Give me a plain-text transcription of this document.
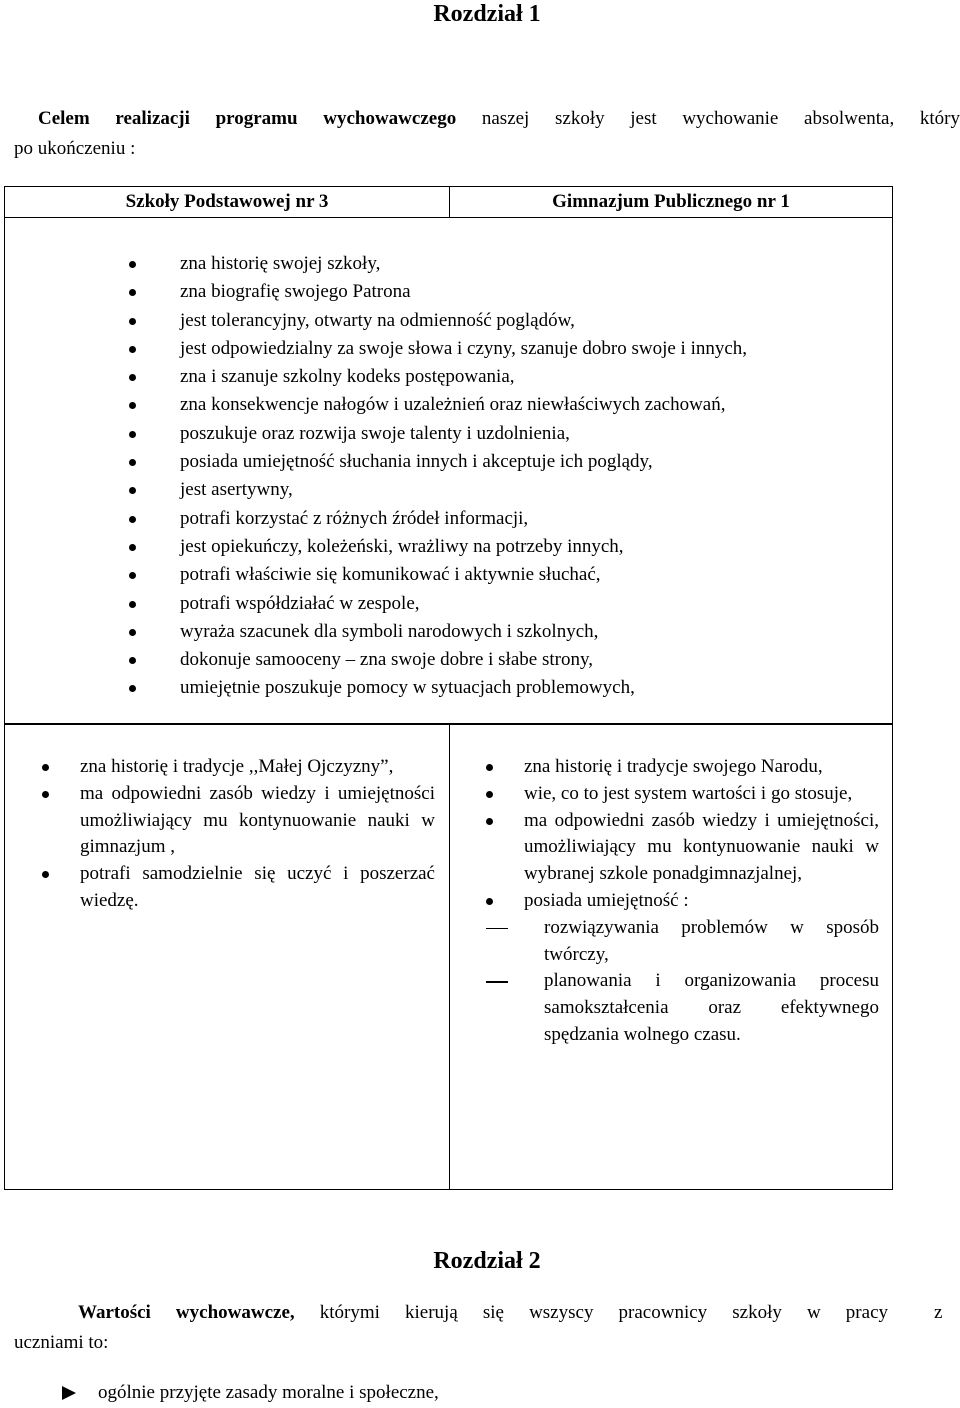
Rozdział 1

Celem realizacji programu wychowawczego naszej szkoły jest wychowanie absolwenta, który
po ukończeniu :

Szkoły Podstawowej nr 3	Gimnazjum Publicznego nr 1
zna historię swojej szkoły,
zna biografię swojego Patrona
jest tolerancyjny, otwarty na odmienność poglądów,
jest odpowiedzialny za swoje słowa i czyny, szanuje dobro swoje i innych,
zna i szanuje szkolny kodeks postępowania,
zna konsekwencje nałogów i uzależnień oraz niewłaściwych zachowań,
poszukuje oraz rozwija swoje talenty i uzdolnienia,
posiada umiejętność słuchania innych i akceptuje ich poglądy,
jest asertywny,
potrafi korzystać z różnych źródeł informacji,
jest opiekuńczy, koleżeński, wrażliwy na potrzeby innych,
potrafi właściwie się komunikować i aktywnie słuchać,
potrafi współdziałać w zespole,
wyraża szacunek dla symboli narodowych i szkolnych,
dokonuje samooceny – zna swoje dobre i słabe strony,
umiejętnie poszukuje pomocy w sytuacjach problemowych,
zna historię i tradycje ,,Małej Ojczyzny”,
ma odpowiedni zasób wiedzy i umiejętności umożliwiający mu kontynuowanie nauki w gimnazjum ,
potrafi samodzielnie się uczyć i poszerzać wiedzę.
zna historię i tradycje swojego Narodu,
wie, co to jest system wartości i go stosuje,
ma odpowiedni zasób wiedzy i umiejętności, umożliwiający mu kontynuowanie nauki w wybranej szkole ponadgimnazjalnej,
posiada umiejętność :
rozwiązywania problemów w sposób twórczy,
planowania i organizowania procesu samokształcenia oraz efektywnego spędzania wolnego czasu.
Rozdział 2

Wartości wychowawcze, którymi kierują się wszyscy pracownicy szkoły w pracy
uczniami to:

z
ogólnie przyjęte zasady moralne i społeczne,
